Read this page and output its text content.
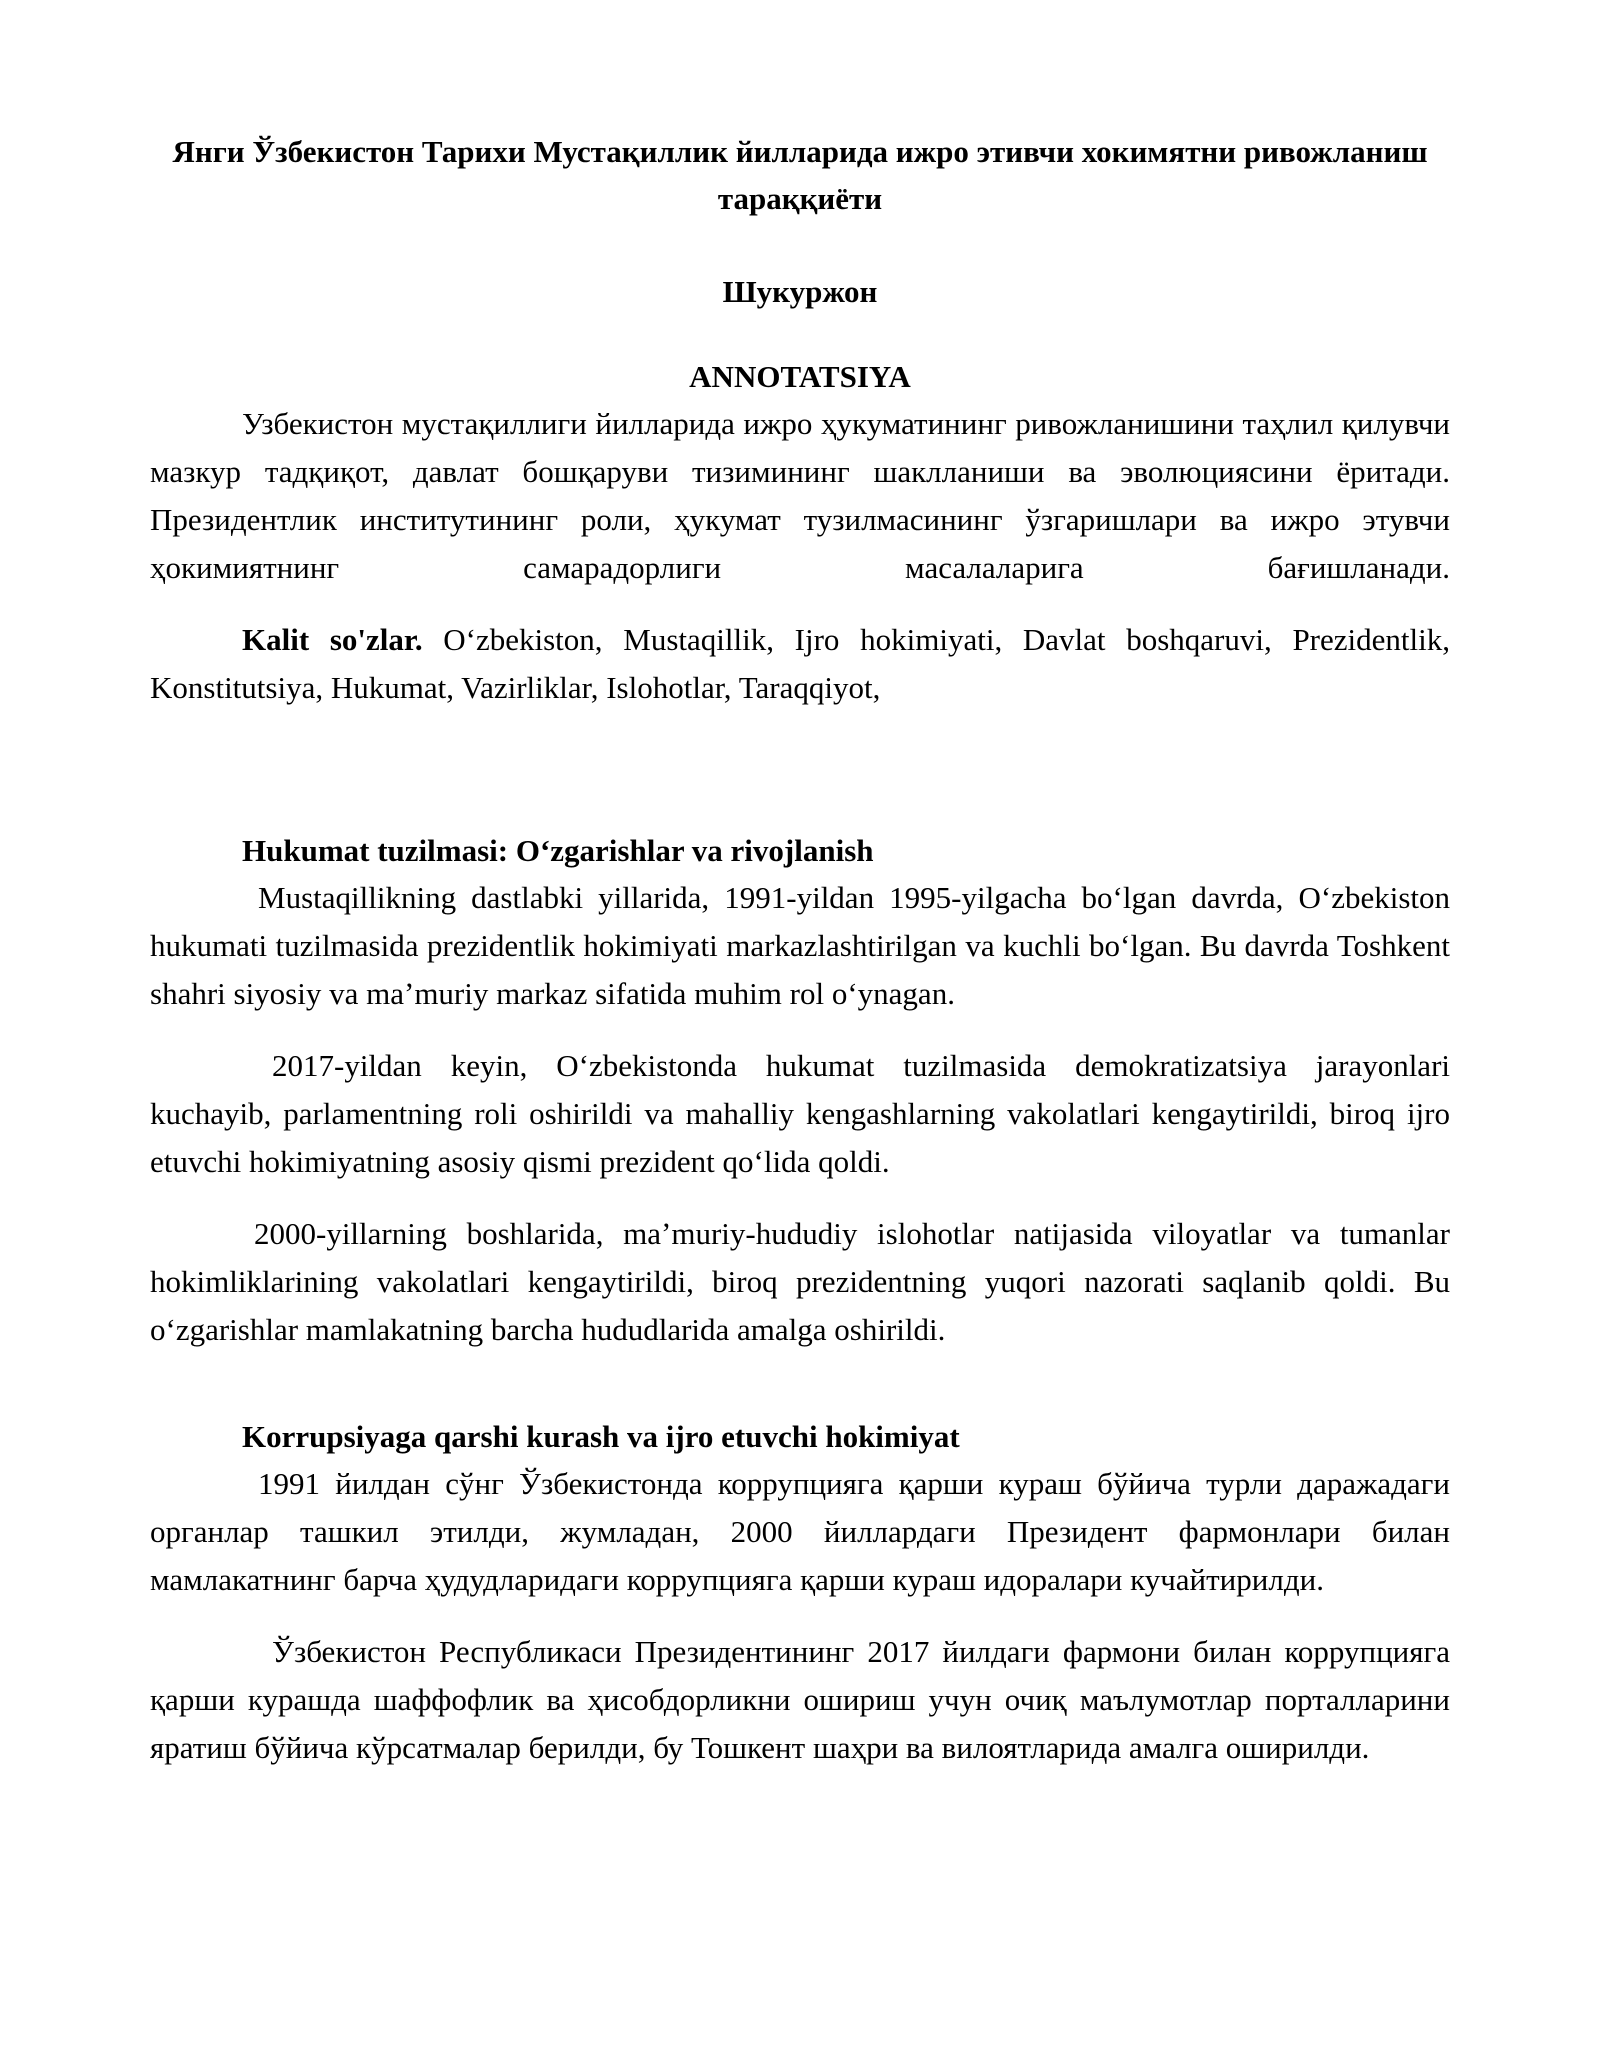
Янги Ўзбекистон Тарихи Мустақиллик йилларида ижро этивчи хокимятни ривожланиш тараққиёти

Шукуржон

ANNOTATSIYA

Узбекистон мустақиллиги йилларида ижро ҳукуматининг ривожланишини таҳлил қилувчи мазкур тадқиқот, давлат бошқаруви тизимининг шаклланиши ва эволюциясини ёритади. Президентлик институтининг роли, ҳукумат тузилмасининг ўзгаришлари ва ижро этувчи ҳокимиятнинг самарадорлиги масалаларига бағишланади.

Kalit so'zlar. Oʻzbekiston, Mustaqillik, Ijro hokimiyati, Davlat boshqaruvi, Prezidentlik, Konstitutsiya, Hukumat, Vazirliklar, Islohotlar, Taraqqiyot,

Hukumat tuzilmasi: Oʻzgarishlar va rivojlanish

Mustaqillikning dastlabki yillarida, 1991-yildan 1995-yilgacha boʻlgan davrda, Oʻzbekiston hukumati tuzilmasida prezidentlik hokimiyati markazlashtirilgan va kuchli boʻlgan. Bu davrda Toshkent shahri siyosiy va maʼmuriy markaz sifatida muhim rol oʻynagan.

2017-yildan keyin, Oʻzbekistonda hukumat tuzilmasida demokratizatsiya jarayonlari kuchayib, parlamentning roli oshirildi va mahalliy kengashlarning vakolatlari kengaytirildi, biroq ijro etuvchi hokimiyatning asosiy qismi prezident qoʻlida qoldi.

2000-yillarning boshlarida, maʼmuriy-hududiy islohotlar natijasida viloyatlar va tumanlar hokimliklarining vakolatlari kengaytirildi, biroq prezidentning yuqori nazorati saqlanib qoldi. Bu oʻzgarishlar mamlakatning barcha hududlarida amalga oshirildi.

Korrupsiyaga qarshi kurash va ijro etuvchi hokimiyat

1991 йилдан сўнг Ўзбекистонда коррупцияга қарши кураш бўйича турли даражадаги органлар ташкил этилди, жумладан, 2000 йиллардаги Президент фармонлари билан мамлакатнинг барча ҳудудларидаги коррупцияга қарши кураш идоралари кучайтирилди.

Ўзбекистон Республикаси Президентининг 2017 йилдаги фармони билан коррупцияга қарши курашда шаффофлик ва ҳисобдорликни ошириш учун очиқ маълумотлар порталларини яратиш бўйича кўрсатмалар берилди, бу Тошкент шаҳри ва вилоятларида амалга оширилди.
